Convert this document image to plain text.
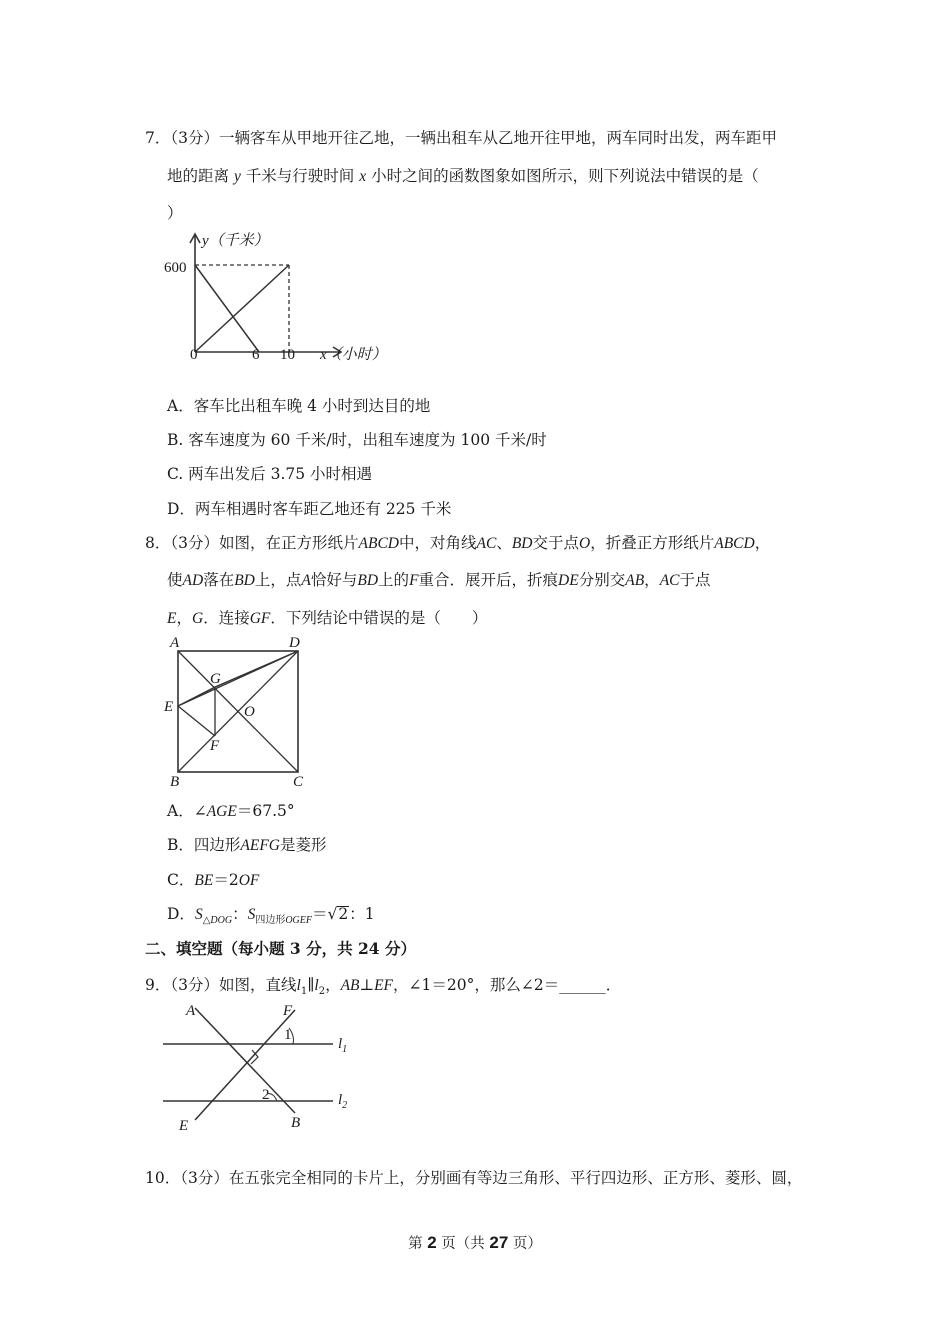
7．（3分）一辆客车从甲地开往乙地，一辆出租车从乙地开往甲地，两车同时出发，两车距甲
地的距离 y 千米与行驶时间 x 小时之间的函数图象如图所示，则下列说法中错误的是（
）
y（千米）
600
0	6 10 x（小时）
A．客车比出租车晚 4 小时到达目的地
B. 客车速度为 60 千米/时，出租车速度为 100 千米/时
C. 两车出发后 3.75 小时相遇
D．两车相遇时客车距乙地还有 225 千米
8．（3分）如图，在正方形纸片ABCD中，对角线AC、BD交于点O，折叠正方形纸片ABCD，
使AD落在BD上，点A恰好与BD上的F重合．展开后，折痕DE分别交AB，AC于点
E，G．连接GF．下列结论中错误的是（　　）
A	D
E
G
O
F
B	C
A．∠AGE＝67.5°
B．四边形AEFG是菱形
C．BE＝2OF
D．$S_{\triangle DOG}$：$S_{四边形OGEF}=√2$：1
二、填空题（每小题 3 分，共 24 分）
9．（3分）如图，直线$l_1\parallel l_2$，AB⊥EF，∠1＝20°，那么∠2＝______．
A	F
1
2
$l_1$
$l_2$
E	B
10．（3分）在五张完全相同的卡片上，分别画有等边三角形、平行四边形、正方形、菱形、圆，
第 2 页（共 27 页）
